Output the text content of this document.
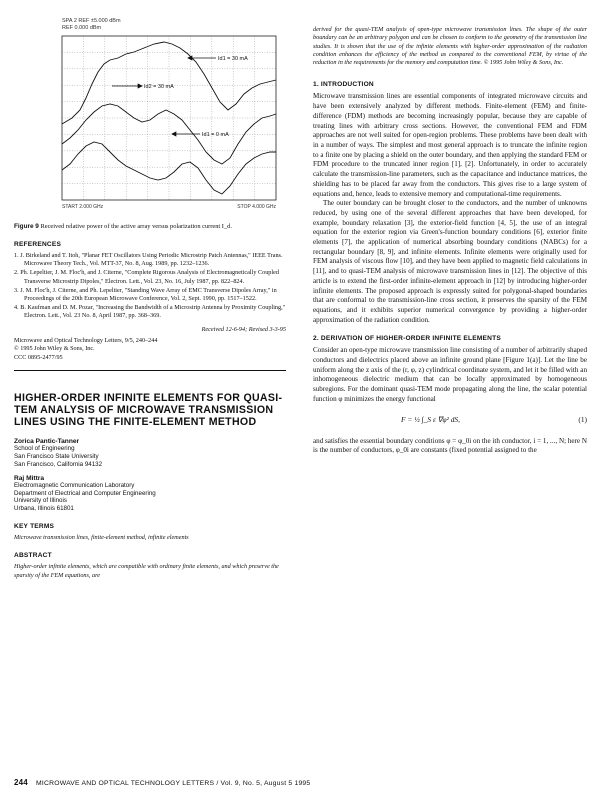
SPA 2 REF ±5.000 dBm
REF 0.000 dBm
Id1 = 30 mA
Id2 = 30 mA
Id1 = 0 mA
START 2.000 GHz	STOP 4.000 GHz
Figure 9 Received relative power of the active array versus polarization current I_d.
REFERENCES
1. J. Birkeland and T. Itoh, "Planar FET Oscillators Using Periodic Microstrip Patch Antennas," IEEE Trans. Microwave Theory Tech., Vol. MTT-37, No. 8, Aug. 1989, pp. 1232–1236.
2. Ph. Lepeltier, J. M. Floc'h, and J. Citerne, "Complete Rigorous Analysis of Electromagnetically Coupled Transverse Microstrip Dipoles," Electron. Lett., Vol. 23, No. 16, July 1987, pp. 822–824.
3. J. M. Floc'h, J. Citerne, and Ph. Lepeltier, "Standing Wave Array of EMC Transverse Dipoles Array," in Proceedings of the 20th European Microwave Conference, Vol. 2, Sept. 1990, pp. 1517–1522.
4. B. Kaufman and D. M. Pozar, "Increasing the Bandwidth of a Microstrip Antenna by Proximity Coupling," Electron. Lett., Vol. 23 No. 8, April 1987, pp. 368–369.
Received 12-6-94; Revised 3-3-95
Microwave and Optical Technology Letters, 9/5, 240–244
© 1995 John Wiley & Sons, Inc.
CCC 0895-2477/95
HIGHER-ORDER INFINITE ELEMENTS FOR QUASI-TEM ANALYSIS OF MICROWAVE TRANSMISSION LINES USING THE FINITE-ELEMENT METHOD
Zorica Pantic-Tanner
School of Engineering
San Francisco State University
San Francisco, California 94132
Raj Mittra
Electromagnetic Communication Laboratory
Department of Electrical and Computer Engineering
University of Illinois
Urbana, Illinois 61801
KEY TERMS
Microwave transmission lines, finite-element method, infinite elements
ABSTRACT
Higher-order infinite elements, which are compatible with ordinary finite elements, and which preserve the sparsity of the FEM equations, are
derived for the quasi-TEM analysis of open-type microwave transmission lines. The shape of the outer boundary can be an arbitrary polygon and can be chosen to conform to the geometry of the transmission line studies. It is shown that the use of the infinite elements with higher-order approximation of the radiation condition enhances the efficiency of the method as compared to the conventional FEM, by virtue of the reduction in the requirements for the memory and computation time. © 1995 John Wiley & Sons, Inc.
1. INTRODUCTION

Microwave transmission lines are essential components of integrated microwave circuits and have been extensively analyzed by different methods. Finite-element (FEM) and finite-difference (FDM) methods are becoming increasingly popular, because they are capable of treating lines with arbitrary cross sections. However, the conventional FEM and FDM approaches are not well suited for open-region problems. These problems have been dealt with in a number of ways. The simplest and most general approach is to truncate the infinite region to a finite one by placing a shield on the outer boundary, and then applying the standard FEM or FDM procedure to the truncated inner region [1], [2]. Unfortunately, in order to accurately calculate the transmission-line parameters, such as the capacitance and inductance matrices, the shielding has to be placed far away from the conductors. This gives rise to a large system of equations and, hence, leads to extensive memory and computational-time requirements.

The outer boundary can be brought closer to the conductors, and the number of unknowns reduced, by using one of the several different approaches that have been developed, for example, boundary relaxation [3], the exterior-field function [4, 5], the use of an integral equation for the exterior region via Green's-function boundary conditions [6], exterior finite elements [7], the application of numerical absorbing boundary conditions (NABCs) for a rectangular boundary [8, 9], and infinite elements. Infinite elements were originally used for FEM analysis of viscous flow [10], and they have been applied to magnetic field calculations in [11], and to quasi-TEM analysis of microwave transmission lines in [12]. The objective of this article is to extend the first-order infinite-element approach in [12] by introducing higher-order infinite elements. The proposed approach is expressly suited for polygonal-shaped boundaries that are conformal to the transmission-line cross section, it preserves the sparsity of the FEM equations, and it exhibits superior numerical convergence by providing a higher-order approximation of the radiation condition.

2. DERIVATION OF HIGHER-ORDER INFINITE ELEMENTS

Consider an open-type microwave transmission line consisting of a number of arbitrarily shaped conductors and dielectrics placed above an infinite ground plane [Figure 1(a)]. Let the line be uniform along the z axis of the (r, φ, z) cylindrical coordinate system, and let it be filled with an inhomogeneous dielectric medium that can be locally approximated by homogeneous subregions. For the dominant quasi-TEM mode propagating along the line, the scalar potential function φ minimizes the energy functional

F = ½ ∫_S ε ∇φ² dS,	(1)

and satisfies the essential boundary conditions φ = φ_0i on the ith conductor, i = 1, ..., N; here N is the number of conductors, φ_0i are constants (fixed potential assigned to the

244 MICROWAVE AND OPTICAL TECHNOLOGY LETTERS / Vol. 9, No. 5, August 5 1995
